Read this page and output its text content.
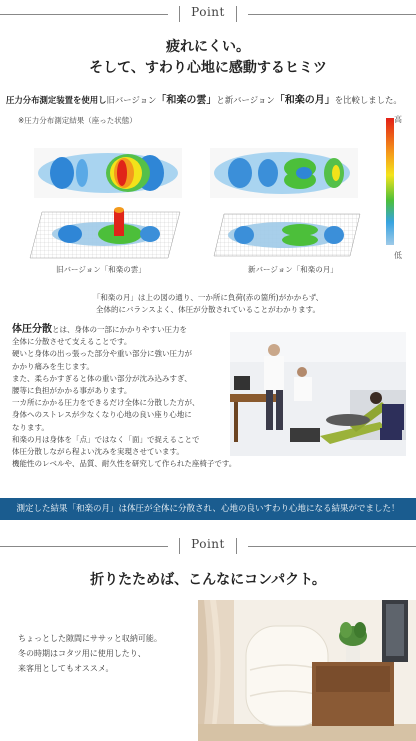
Point
疲れにくい。
そして、すわり心地に感動するヒミツ
圧力分布測定装置を使用し旧バージョン「和楽の雲」と新バージョン「和楽の月」を比較しました。
※圧力分布測定結果（座った状態）	高
低
旧バージョン「和楽の雲」	新バージョン「和楽の月」
「和楽の月」は上の図の通り、一か所に負荷(赤の箇所)がかからず、
全体的にバランスよく、体圧が分散されていることがわかります。
体圧分散とは、身体の一部にかかりやすい圧力を
全体に分散させて支えることです。
硬いと身体の出っ張った部分や重い部分に強い圧力が
かかり痛みを生じます。
また、柔らかすぎると体の重い部分が沈み込みすぎ、
腰等に負担がかかる事があります。
一カ所にかかる圧力をできるだけ全体に分散した方が、
身体へのストレスが少なくなり心地の良い座り心地に
なります。
和楽の月は身体を「点」ではなく「面」で捉えることで
体圧分散しながら程よい沈みを実現させています。
機能性のレベルや、品質、耐久性を研究して作られた座椅子です。
測定した結果「和楽の月」は体圧が全体に分散され、心地の良いすわり心地になる結果がでました！
Point
折りたためば、こんなにコンパクト。
ちょっとした隙間にササッと収納可能。
冬の時期はコタツ用に使用したり、
来客用としてもオススメ。
